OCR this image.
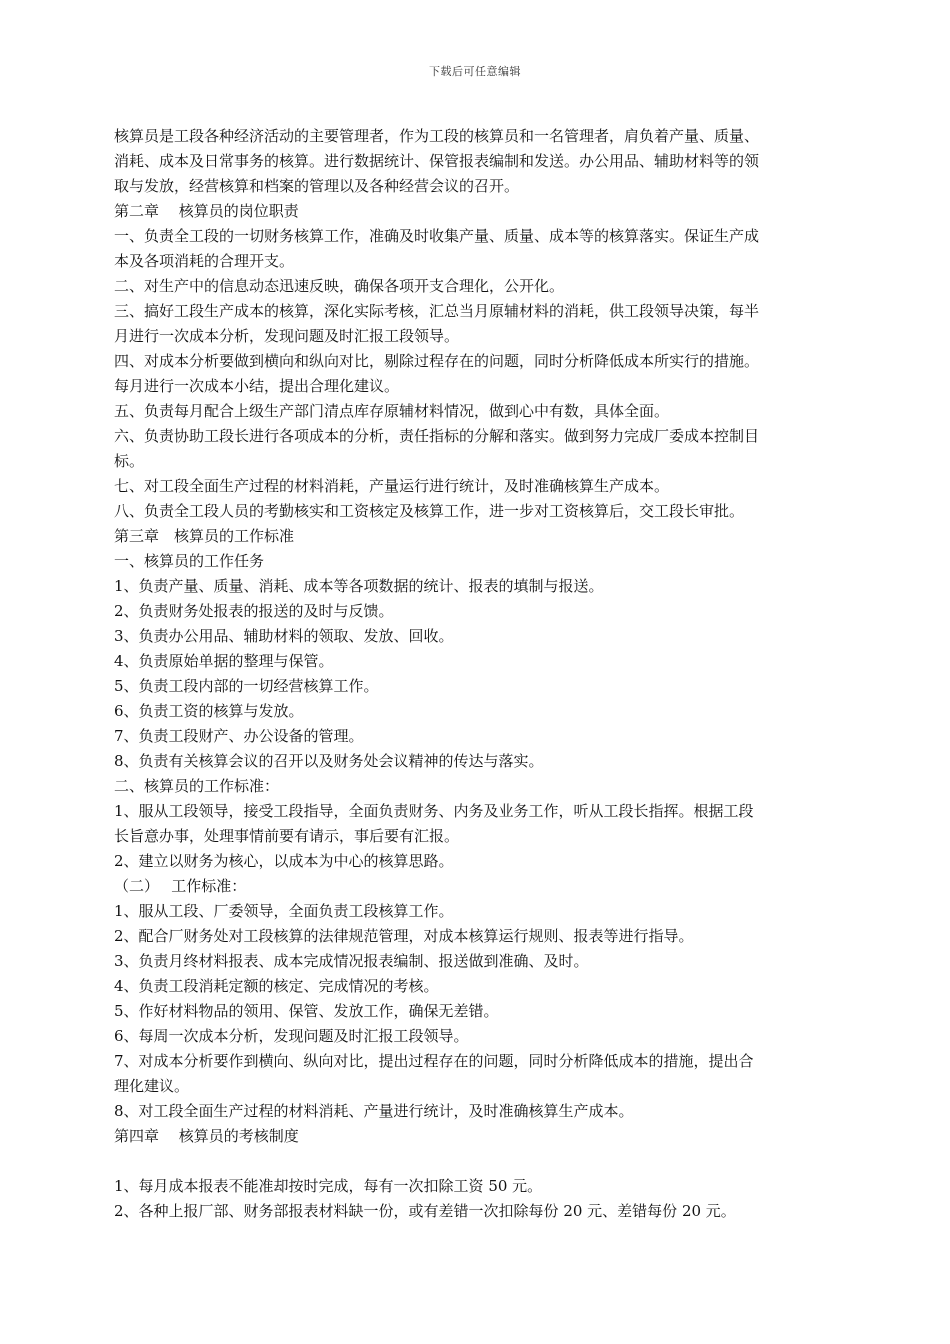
下载后可任意编辑
核算员是工段各种经济活动的主要管理者，作为工段的核算员和一名管理者，肩负着产量、质量、
消耗、成本及日常事务的核算。进行数据统计、保管报表编制和发送。办公用品、辅助材料等的领
取与发放，经营核算和档案的管理以及各种经营会议的召开。
第二章　 核算员的岗位职责
一、负责全工段的一切财务核算工作，准确及时收集产量、质量、成本等的核算落实。保证生产成
本及各项消耗的合理开支。
二、对生产中的信息动态迅速反映，确保各项开支合理化，公开化。
三、搞好工段生产成本的核算，深化实际考核，汇总当月原辅材料的消耗，供工段领导决策，每半
月进行一次成本分析，发现问题及时汇报工段领导。
四、对成本分析要做到横向和纵向对比，剔除过程存在的问题，同时分析降低成本所实行的措施。
每月进行一次成本小结，提出合理化建议。
五、负责每月配合上级生产部门清点库存原辅材料情况，做到心中有数，具体全面。
六、负责协助工段长进行各项成本的分析，责任指标的分解和落实。做到努力完成厂委成本控制目
标。
七、对工段全面生产过程的材料消耗，产量运行进行统计，及时准确核算生产成本。
八、负责全工段人员的考勤核实和工资核定及核算工作，进一步对工资核算后，交工段长审批。
第三章　核算员的工作标准
一、核算员的工作任务
1、负责产量、质量、消耗、成本等各项数据的统计、报表的填制与报送。
2、负责财务处报表的报送的及时与反馈。
3、负责办公用品、辅助材料的领取、发放、回收。
4、负责原始单据的整理与保管。
5、负责工段内部的一切经营核算工作。
6、负责工资的核算与发放。
7、负责工段财产、办公设备的管理。
8、负责有关核算会议的召开以及财务处会议精神的传达与落实。
二、核算员的工作标准：
1、服从工段领导，接受工段指导，全面负责财务、内务及业务工作，听从工段长指挥。根据工段
长旨意办事，处理事情前要有请示，事后要有汇报。
2、建立以财务为核心，以成本为中心的核算思路。
（二）　 工作标准：
1、服从工段、厂委领导，全面负责工段核算工作。
2、配合厂财务处对工段核算的法律规范管理，对成本核算运行规则、报表等进行指导。
3、负责月终材料报表、成本完成情况报表编制、报送做到准确、及时。
4、负责工段消耗定额的核定、完成情况的考核。
5、作好材料物品的领用、保管、发放工作，确保无差错。
6、每周一次成本分析，发现问题及时汇报工段领导。
7、对成本分析要作到横向、纵向对比，提出过程存在的问题，同时分析降低成本的措施，提出合
理化建议。
8、对工段全面生产过程的材料消耗、产量进行统计，及时准确核算生产成本。
第四章　 核算员的考核制度
1、每月成本报表不能准却按时完成，每有一次扣除工资 50 元。
2、各种上报厂部、财务部报表材料缺一份，或有差错一次扣除每份 20 元、差错每份 20 元。
